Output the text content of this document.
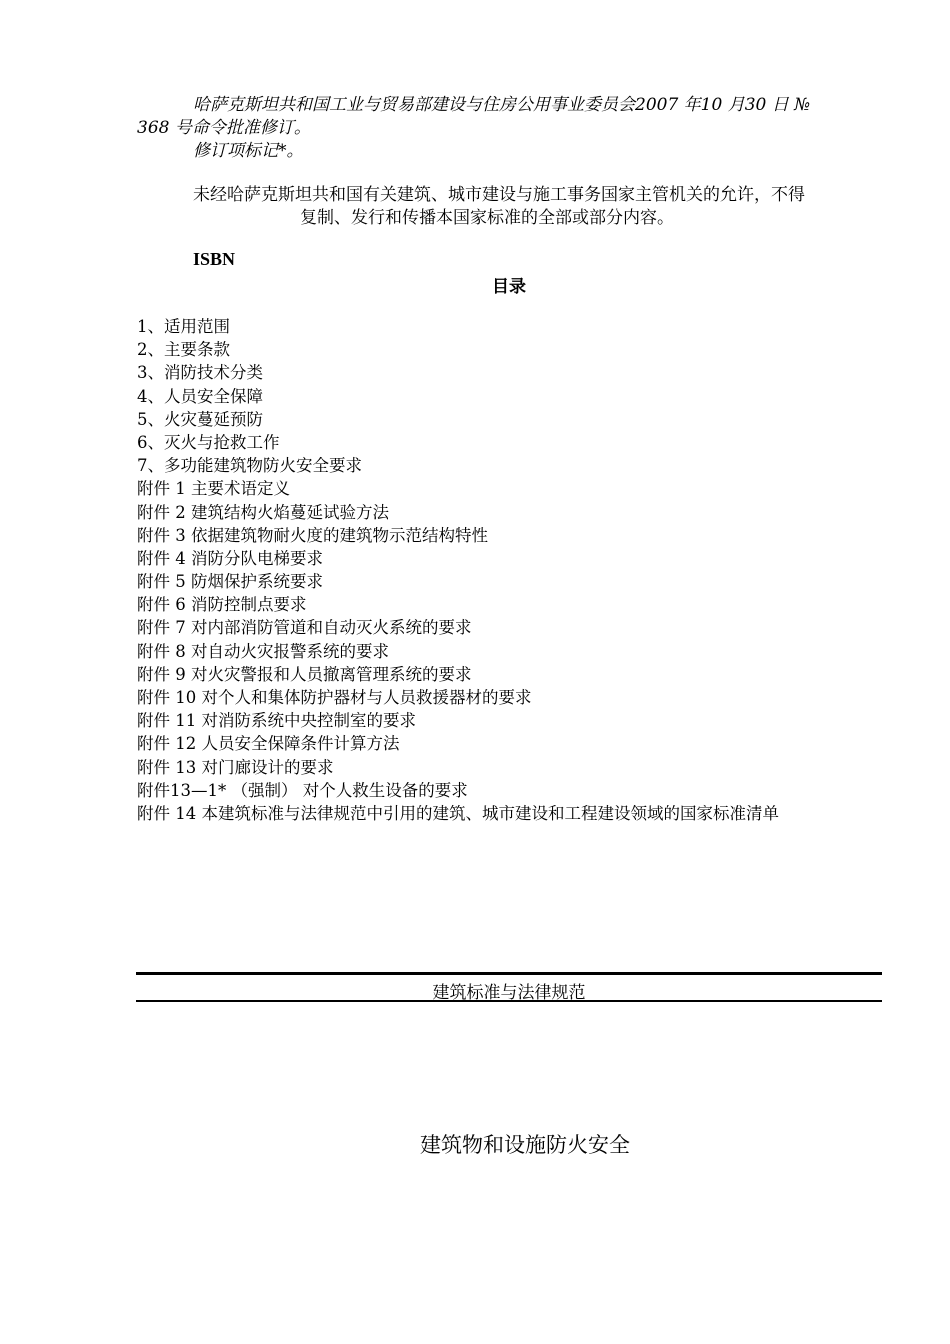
哈萨克斯坦共和国工业与贸易部建设与住房公用事业委员会2007 年10 月30 日 №
368 号命令批准修订。
修订项标记*。
未经哈萨克斯坦共和国有关建筑、城市建设与施工事务国家主管机关的允许，不得
复制、发行和传播本国家标准的全部或部分内容。
ISBN
目录
1、适用范围
2、主要条款
3、消防技术分类
4、人员安全保障
5、火灾蔓延预防
6、灭火与抢救工作
7、多功能建筑物防火安全要求
附件 1 主要术语定义
附件 2 建筑结构火焰蔓延试验方法
附件 3 依据建筑物耐火度的建筑物示范结构特性
附件 4 消防分队电梯要求
附件 5 防烟保护系统要求
附件 6 消防控制点要求
附件 7 对内部消防管道和自动灭火系统的要求
附件 8 对自动火灾报警系统的要求
附件 9 对火灾警报和人员撤离管理系统的要求
附件 10 对个人和集体防护器材与人员救援器材的要求
附件 11 对消防系统中央控制室的要求
附件 12 人员安全保障条件计算方法
附件 13 对门廊设计的要求
附件13—1* （强制） 对个人救生设备的要求
附件 14 本建筑标准与法律规范中引用的建筑、城市建设和工程建设领域的国家标准清单
建筑标准与法律规范
建筑物和设施防火安全
